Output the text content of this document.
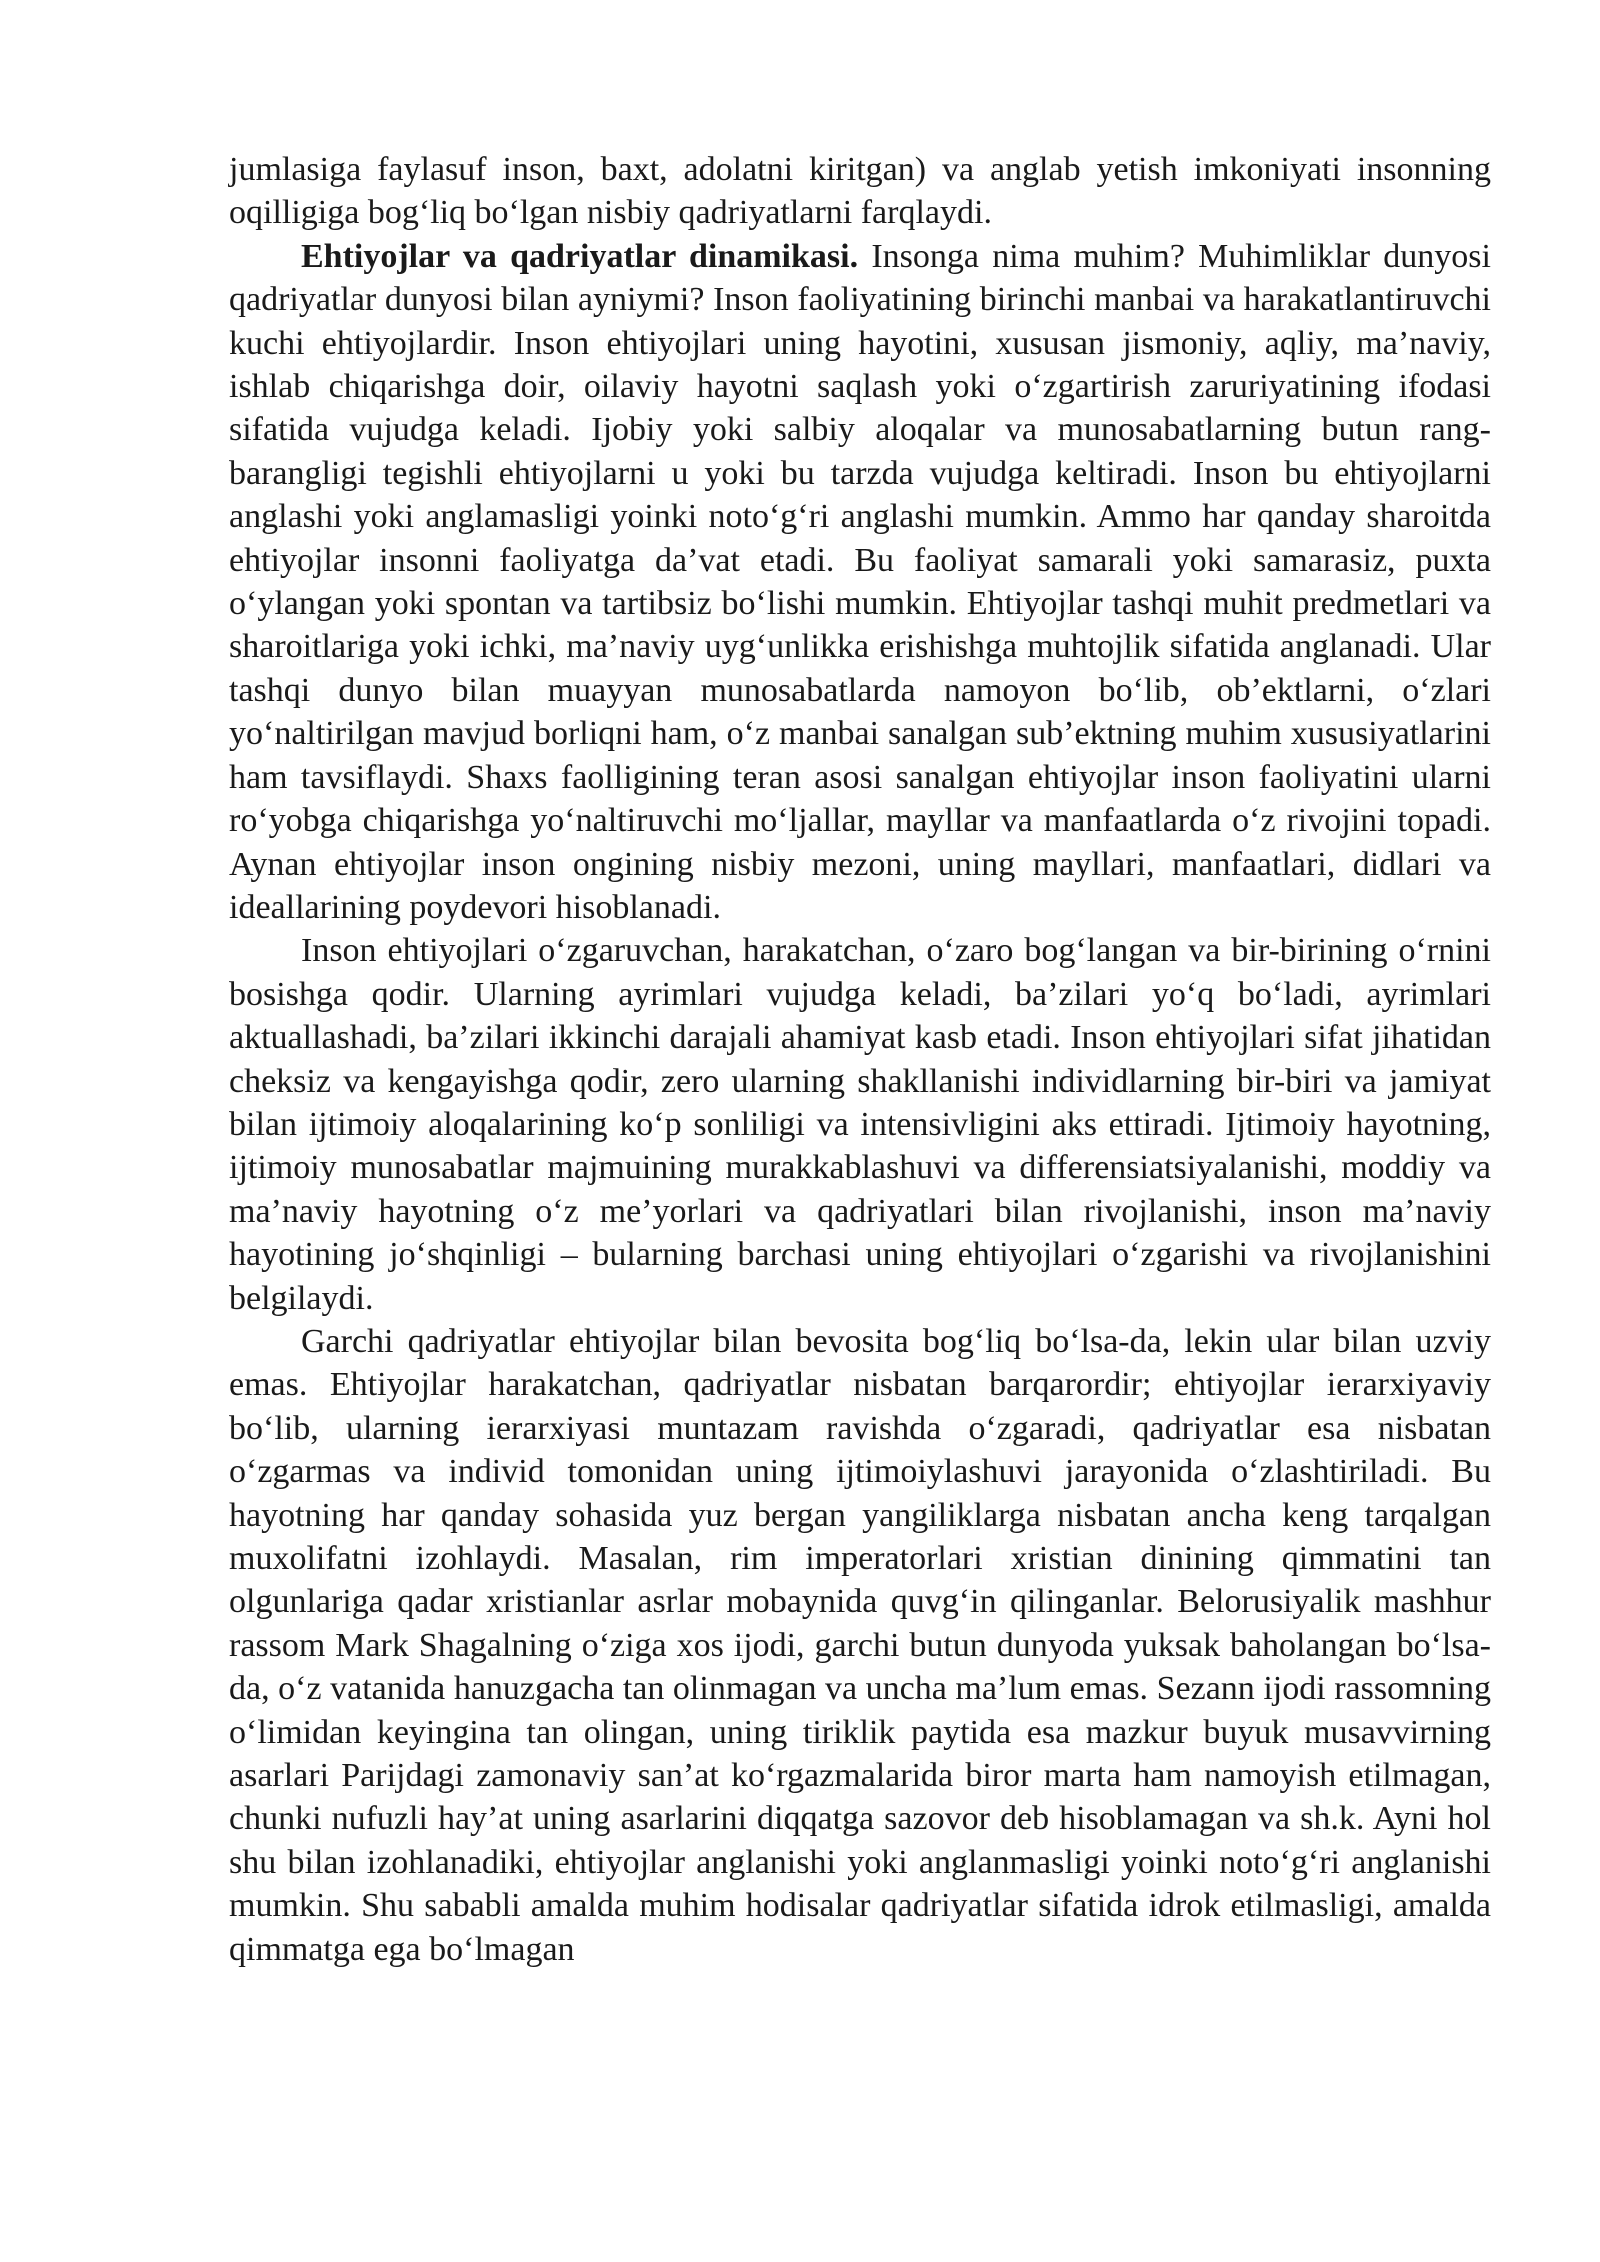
jumlasiga faylasuf inson, baxt, adolatni kiritgan) va anglab yetish imkoniyati insonning oqilligiga bog‘liq bo‘lgan nisbiy qadriyatlarni farqlaydi.

Ehtiyojlar va qadriyatlar dinamikasi. Insonga nima muhim? Muhimliklar dunyosi qadriyatlar dunyosi bilan ayniymi? Inson faoliyatining birinchi manbai va harakatlantiruvchi kuchi ehtiyojlardir. Inson ehtiyojlari uning hayotini, xususan jismoniy, aqliy, ma’naviy, ishlab chiqarishga doir, oilaviy hayotni saqlash yoki o‘zgartirish zaruriyatining ifodasi sifatida vujudga keladi. Ijobiy yoki salbiy aloqalar va munosabatlarning butun rang-barangligi tegishli ehtiyojlarni u yoki bu tarzda vujudga keltiradi. Inson bu ehtiyojlarni anglashi yoki anglamasligi yoinki noto‘g‘ri anglashi mumkin. Ammo har qanday sharoitda ehtiyojlar insonni faoliyatga da’vat etadi. Bu faoliyat samarali yoki samarasiz, puxta o‘ylangan yoki spontan va tartibsiz bo‘lishi mumkin. Ehtiyojlar tashqi muhit predmetlari va sharoitlariga yoki ichki, ma’naviy uyg‘unlikka erishishga muhtojlik sifatida anglanadi. Ular tashqi dunyo bilan muayyan munosabatlarda namoyon bo‘lib, ob’ektlarni, o‘zlari yo‘naltirilgan mavjud borliqni ham, o‘z manbai sanalgan sub’ektning muhim xususiyatlarini ham tavsiflaydi. Shaxs faolligining teran asosi sanalgan ehtiyojlar inson faoliyatini ularni ro‘yobga chiqarishga yo‘naltiruvchi mo‘ljallar, mayllar va manfaatlarda o‘z rivojini topadi. Aynan ehtiyojlar inson ongining nisbiy mezoni, uning mayllari, manfaatlari, didlari va ideallarining poydevori hisoblanadi.

Inson ehtiyojlari o‘zgaruvchan, harakatchan, o‘zaro bog‘langan va bir-birining o‘rnini bosishga qodir. Ularning ayrimlari vujudga keladi, ba’zilari yo‘q bo‘ladi, ayrimlari aktuallashadi, ba’zilari ikkinchi darajali ahamiyat kasb etadi. Inson ehtiyojlari sifat jihatidan cheksiz va kengayishga qodir, zero ularning shakllanishi individlarning bir-biri va jamiyat bilan ijtimoiy aloqalarining ko‘p sonliligi va intensivligini aks ettiradi. Ijtimoiy hayotning, ijtimoiy munosabatlar majmuining murakkablashuvi va differensiatsiyalanishi, moddiy va ma’naviy hayotning o‘z me’yorlari va qadriyatlari bilan rivojlanishi, inson ma’naviy hayotining jo‘shqinligi – bularning barchasi uning ehtiyojlari o‘zgarishi va rivojlanishini belgilaydi.

Garchi qadriyatlar ehtiyojlar bilan bevosita bog‘liq bo‘lsa-da, lekin ular bilan uzviy emas. Ehtiyojlar harakatchan, qadriyatlar nisbatan barqarordir; ehtiyojlar ierarxiyaviy bo‘lib, ularning ierarxiyasi muntazam ravishda o‘zgaradi, qadriyatlar esa nisbatan o‘zgarmas va individ tomonidan uning ijtimoiylashuvi jarayonida o‘zlashtiriladi. Bu hayotning har qanday sohasida yuz bergan yangiliklarga nisbatan ancha keng tarqalgan muxolifatni izohlaydi. Masalan, rim imperatorlari xristian dinining qimmatini tan olgunlariga qadar xristianlar asrlar mobaynida quvg‘in qilinganlar. Belorusiyalik mashhur rassom Mark Shagalning o‘ziga xos ijodi, garchi butun dunyoda yuksak baholangan bo‘lsa-da, o‘z vatanida hanuzgacha tan olinmagan va uncha ma’lum emas. Sezann ijodi rassomning o‘limidan keyingina tan olingan, uning tiriklik paytida esa mazkur buyuk musavvirning asarlari Parijdagi zamonaviy san’at ko‘rgazmalarida biror marta ham namoyish etilmagan, chunki nufuzli hay’at uning asarlarini diqqatga sazovor deb hisoblamagan va sh.k. Ayni hol shu bilan izohlanadiki, ehtiyojlar anglanishi yoki anglanmasligi yoinki noto‘g‘ri anglanishi mumkin. Shu sababli amalda muhim hodisalar qadriyatlar sifatida idrok etilmasligi, amalda qimmatga ega bo‘lmagan
